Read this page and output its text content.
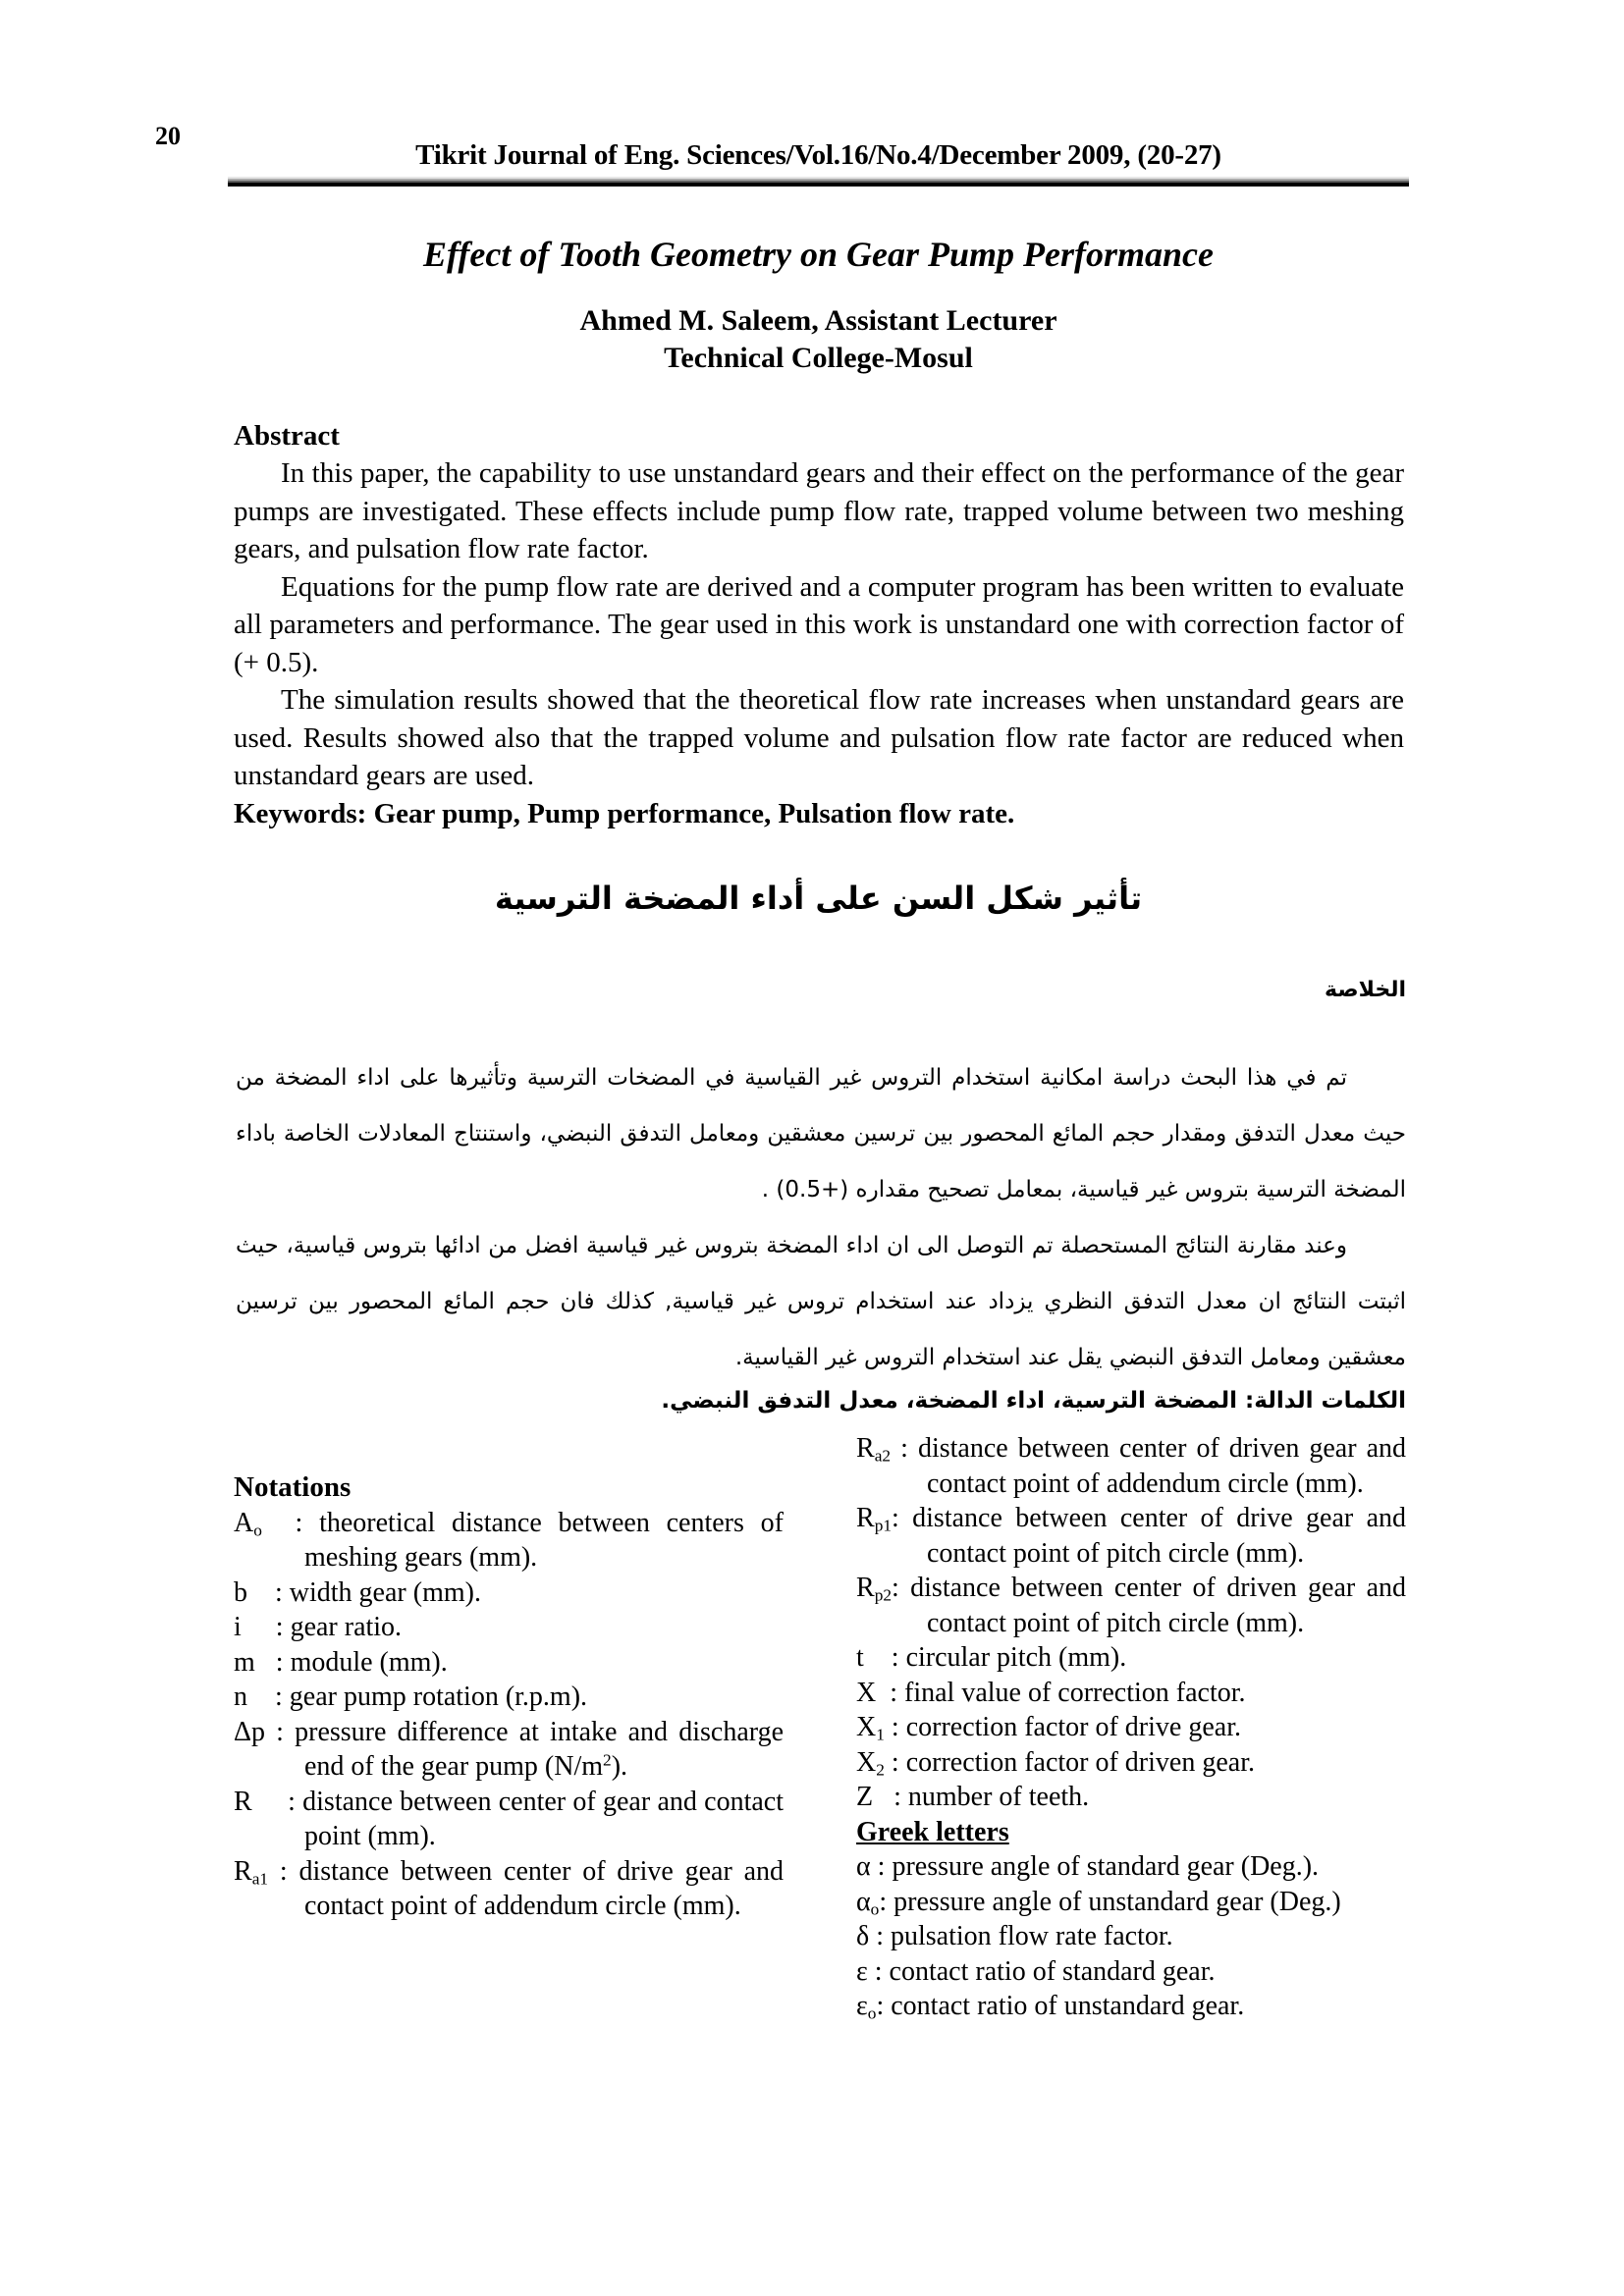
20
Tikrit Journal of Eng. Sciences/Vol.16/No.4/December 2009, (20-27)
Effect of Tooth Geometry on Gear Pump Performance
Ahmed M. Saleem, Assistant Lecturer
Technical College-Mosul
Abstract

In this paper, the capability to use unstandard gears and their effect on the performance of the gear pumps are investigated. These effects include pump flow rate, trapped volume between two meshing gears, and pulsation flow rate factor.

Equations for the pump flow rate are derived and a computer program has been written to evaluate all parameters and performance. The gear used in this work is unstandard one with correction factor of (+ 0.5).

The simulation results showed that the theoretical flow rate increases when unstandard gears are used. Results showed also that the trapped volume and pulsation flow rate factor are reduced when unstandard gears are used.

Keywords: Gear pump, Pump performance, Pulsation flow rate.
تأثير شكل السن على أداء المضخة الترسية
الخلاصة

تم في هذا البحث دراسة امكانية استخدام التروس غير القياسية في المضخات الترسية وتأثيرها على اداء المضخة من حيث معدل التدفق ومقدار حجم المائع المحصور بين ترسين معشقين ومعامل التدفق النبضي، واستنتاج المعادلات الخاصة باداء المضخة الترسية بتروس غير قياسية، بمعامل تصحيح مقداره (+0.5) .

وعند مقارنة النتائج المستحصلة تم التوصل الى ان اداء المضخة بتروس غير قياسية افضل من ادائها بتروس قياسية، حيث اثبتت النتائج ان معدل التدفق النظري يزداد عند استخدام تروس غير قياسية, كذلك فان حجم المائع المحصور بين ترسين معشقين ومعامل التدفق النبضي يقل عند استخدام التروس غير القياسية.

الكلمات الدالة: المضخة الترسية، اداء المضخة، معدل التدفق النبضي.
Notations
$A_o$  : theoretical distance between centers of meshing gears (mm).
b    : width gear (mm).
i     : gear ratio.
m   : module (mm).
n    : gear pump rotation (r.p.m).
Δp : pressure difference at intake and discharge end of the gear pump $(N/m^2)$.
R     : distance between center of gear and contact point (mm).
$R_{a1}$ : distance between center of drive gear and contact point of addendum circle (mm).
$R_{a2}$ : distance between center of driven gear and contact point of addendum circle (mm).
$R_{p1}$: distance between center of drive gear and contact point of pitch circle (mm).
$R_{p2}$: distance between center of driven gear and contact point of pitch circle (mm).
t    : circular pitch (mm).
X  : final value of correction factor.
$X_1$ : correction factor of drive gear.
$X_2$ : correction factor of driven gear.
Z   : number of teeth.
Greek letters
α : pressure angle of standard gear (Deg.).
$\alpha_o$: pressure angle of unstandard gear (Deg.)
δ : pulsation flow rate factor.
ε : contact ratio of standard gear.
$\varepsilon_o$: contact ratio of unstandard gear.
